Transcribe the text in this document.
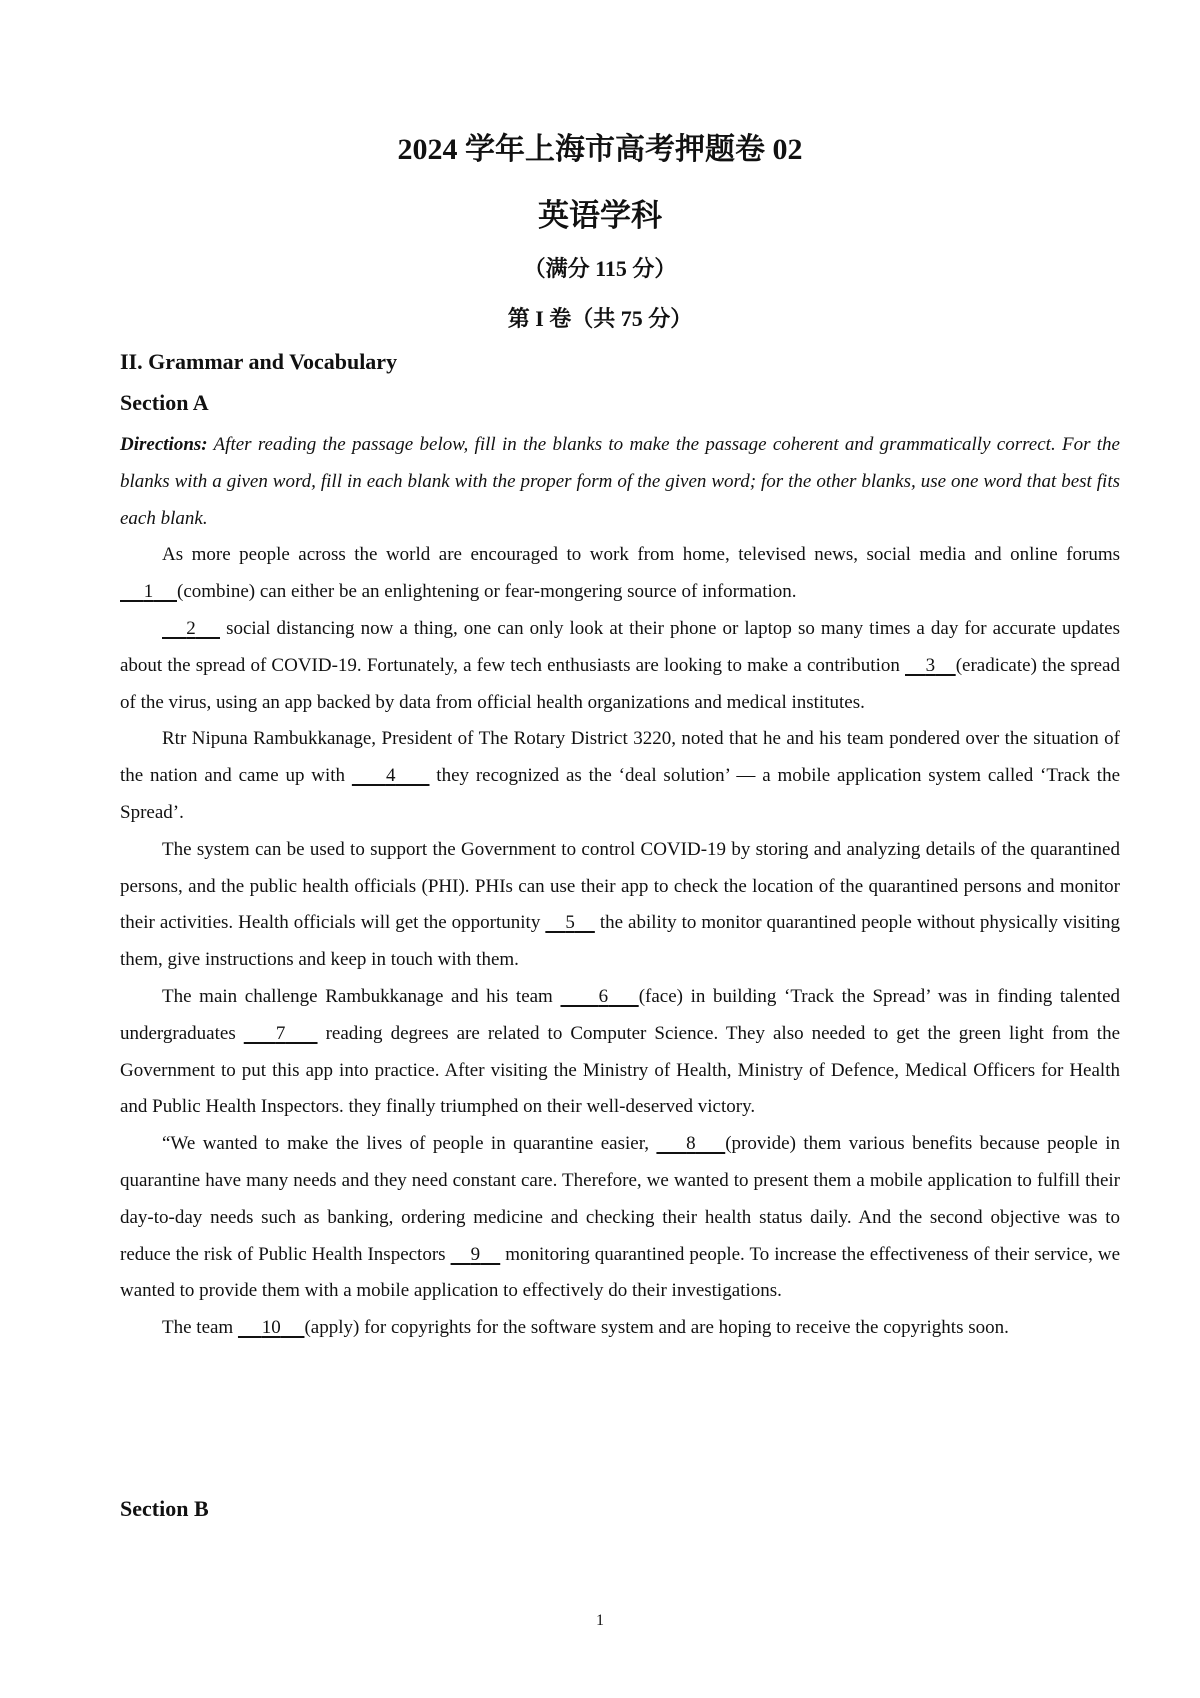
2024 学年上海市高考押题卷 02
英语学科
（满分 115 分）
第 I 卷（共 75 分）
II. Grammar and Vocabulary
Section A

Directions: After reading the passage below, fill in the blanks to make the passage coherent and grammatically correct. For the blanks with a given word, fill in each blank with the proper form of the given word; for the other blanks, use one word that best fits each blank.

As more people across the world are encouraged to work from home, televised news, social media and online forums      1 (combine) can either be an enlightening or fear-mongering source of information.

2     social distancing now a thing, one can only look at their phone or laptop so many times a day for accurate updates about the spread of COVID-19. Fortunately, a few tech enthusiasts are looking to make a contribution     3 (eradicate) the spread of the virus, using an app backed by data from official health organizations and medical institutes.

Rtr Nipuna Rambukkanage, President of The Rotary District 3220, noted that he and his team pondered over the situation of the nation and came up with      4      they recognized as the ‘deal solution’ — a mobile application system called ‘Track the Spread’.

The system can be used to support the Government to control COVID-19 by storing and analyzing details of the quarantined persons, and the public health officials (PHI). PHIs can use their app to check the location of the quarantined persons and monitor their activities. Health officials will get the opportunity     5     the ability to monitor quarantined people without physically visiting them, give instructions and keep in touch with them.

The main challenge Rambukkanage and his team      6 (face) in building ‘Track the Spread’ was in finding talented undergraduates     7     reading degrees are related to Computer Science. They also needed to get the green light from the Government to put this app into practice. After visiting the Ministry of Health, Ministry of Defence, Medical Officers for Health and Public Health Inspectors. they finally triumphed on their well-deserved victory.

“We wanted to make the lives of people in quarantine easier,     8 (provide) them various benefits because people in quarantine have many needs and they need constant care. Therefore, we wanted to present them a mobile application to fulfill their day-to-day needs such as banking, ordering medicine and checking their health status daily. And the second objective was to reduce the risk of Public Health Inspectors     9     monitoring quarantined people. To increase the effectiveness of their service, we wanted to provide them with a mobile application to effectively do their investigations.

The team      10 (apply) for copyrights for the software system and are hoping to receive the copyrights soon.

Section B
1
